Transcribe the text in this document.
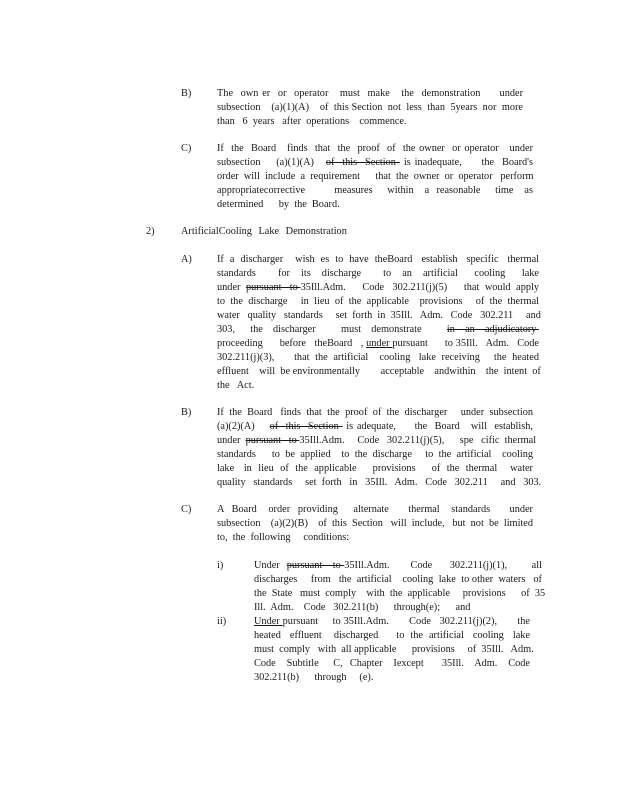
B) The  own er  or  operator   must  make   the  demonstration     under
subsection    (a)(1)(A)    of  this Section  not  less  than  5years  nor  more
than   6  years   after  operations    commence.
C) If  the  Board   finds  that  the  proof  of  the owner  or operator   under
subsection    (a)(1)(A)   of  this  Section  is inadequate,     the  Board's
order  will  include  a  requirement      that  the  owner  or  operator   perform
appropriatecorrective        measures    within   a  reasonable    time   as
determined      by  the  Board.
2)	ArtificialCooling Lake Demonstration
A) If  a  discharger    wish  es  to  have  theBoard   establish   specific   thermal
standards    for  its  discharge    to  an  artificial   cooling   lake
under  pursuant   to 35Ill.Adm.      Code   302.211(j)(5)      that  would  apply
to  the  discharge     in  lieu  of  the  applicable    provisions     of  the  thermal
water   quality   standards     set  forth  in  35Ill.   Adm.   Code   302.211     and
303,   the  discharger     must  demonstrate     in  an  adjudicatory
proceeding      before   theBoard   , under pursuant      to 35Ill.   Adm.   Code
302.211(j)(3),       that  the  artificial    cooling   lake  receiving     the  heated
effluent    will  be environmentally        acceptable    andwithin    the  intent  of
the   Act.
B) If  the  Board   finds  that  the  proof  of  the  discharger     under  subsection
(a)(2)(A)    of  this  Section  is adequate,     the  Board   will  establish,
under  pursuant   to 35Ill.Adm.     Code   302.211(j)(5),      spe   cific  thermal
standards      to  be  applied    to  the  discharge     to  the  artificial    cooling
lake   in  lieu  of  the  applicable     provisions     of  the  thermal    water
quality   standards     set  forth   in   35Ill.   Adm.   Code   302.211     and   303.
C) A  Board   order  providing    alternate     thermal   standards     under
subsection    (a)(2)(B)    of  this  Section   will  include,   but  not  be  limited
to,  the  following     conditions:
i)	Under  pursuant   to 35Ill.Adm.      Code     302.211(j)(1),       all
discharges     from   the  artificial    cooling  lake  to other  waters   of
the  State   must  comply    with  the  applicable     provisions      of  35
Ill.  Adm.    Code   302.211(b)      through(e);      and
ii)	Under pursuant     to 35Ill.Adm.       Code   302.211(j)(2),       the
heated   effluent    discharged      to  the  artificial   cooling   lake
must  comply   with  all applicable      provisions     of  35Ill.   Adm.
Code   Subtitle    C,  Chapter   Iexcept     35Ill.   Adm.   Code
302.211(b)      through     (e).
